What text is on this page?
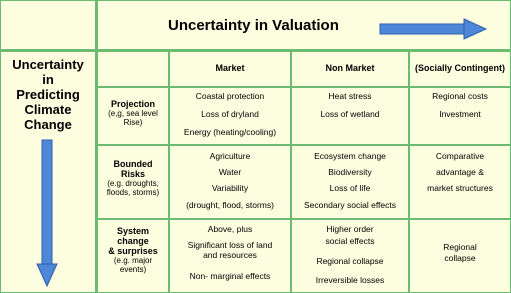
Uncertainty in Valuation
Uncertainty
in
Predicting
Climate
Change
Market	Non Market	(Socially Contingent)
Projection
(e,g, sea level
Rise)
Coastal protection
Loss of dryland
Energy (heating/cooling)
Heat stress
Loss of wetland
Regional costs
Investment
Bounded
Risks
(e.g. droughts,
floods, storms)
Agriculture
Water
Variability
(drought, flood, storms)
Ecosystem change
Biodiversity
Loss of life
Secondary social effects
Comparative
advantage &
market structures
System
change
& surprises
(e.g. major
events)
Above, plus
Significant loss of land
and resources
Non- marginal effects
Higher order
social effects
Regional collapse
Irreversible losses
Regional
collapse
